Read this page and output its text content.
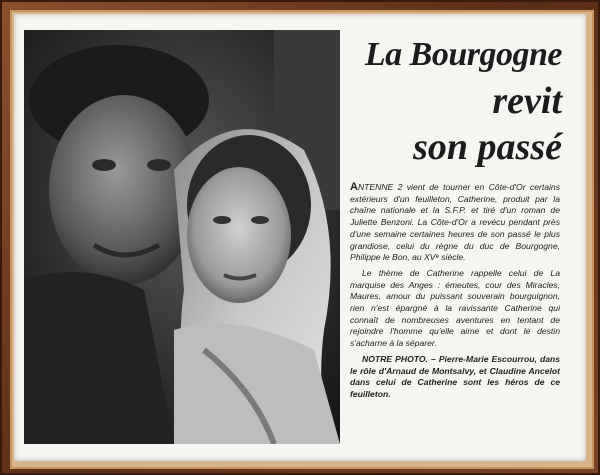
La Bourgogne
revit
son passé

ANTENNE 2 vient de tourner en Côte-d'Or certains extérieurs d'un feuilleton, Catherine, produit par la chaîne nationale et la S.F.P. et tiré d'un roman de Juliette Benzoni. La Côte-d'Or a revécu pendant près d'une semaine certaines heures de son passé le plus grandiose, celui du règne du duc de Bourgogne, Philippe le Bon, au XVᵉ siècle.

Le thème de Catherine rappelle celui de La marquise des Anges : émeutes, cour des Miracles, Maures, amour du puissant souverain bourguignon, rien n'est épargné à la ravissante Catherine qui connaît de nombreuses aventures en tentant de rejoindre l'homme qu'elle aime et dont le destin s'acharne à la séparer.

NOTRE PHOTO. – Pierre-Marie Escourrou, dans le rôle d'Arnaud de Montsalvy, et Claudine Ancelot dans celui de Catherine sont les héros de ce feuilleton.
